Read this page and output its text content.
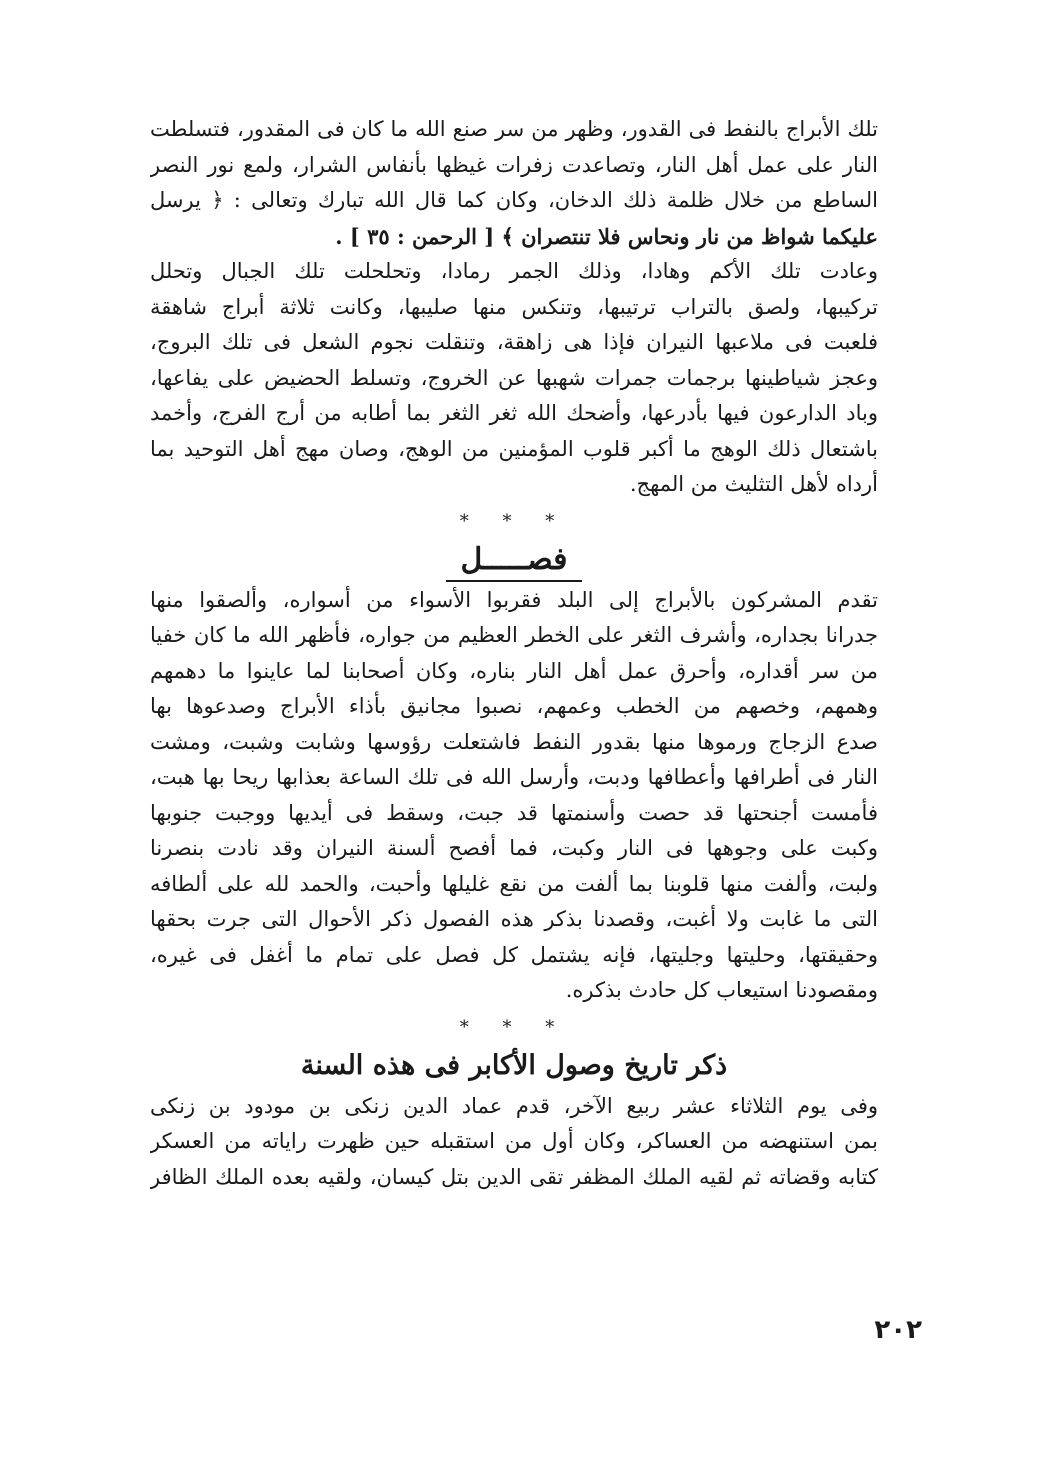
تلك الأبراج بالنفط فى القدور، وظهر من سر صنع الله ما كان فى المقدور، فتسلطت
النار على عمل أهل النار، وتصاعدت زفرات غيظها بأنفاس الشرار، ولمع نور النصر
الساطع من خلال ظلمة ذلك الدخان، وكان كما قال الله تبارك وتعالى : ﴿ يرسل
عليكما شواظ من نار ونحاس فلا تنتصران ﴾ [ الرحمن : ٣٥ ] .
وعادت تلك الأكم وهادا، وذلك الجمر رمادا، وتحلحلت تلك الجبال وتحلل
تركيبها، ولصق بالتراب ترتيبها، وتنكس منها صليبها، وكانت ثلاثة أبراج شاهقة
فلعبت فى ملاعبها النيران فإذا هى زاهقة، وتنقلت نجوم الشعل فى تلك البروج،
وعجز شياطينها برجمات جمرات شهبها عن الخروج، وتسلط الحضيض على يفاعها،
وباد الدارعون فيها بأدرعها، وأضحك الله ثغر الثغر بما أطابه من أرج الفرج، وأخمد
باشتعال ذلك الوهج ما أكبر قلوب المؤمنين من الوهج، وصان مهج أهل التوحيد بما
أرداه لأهل التثليث من المهج.
* * *
فصـــــل
تقدم المشركون بالأبراج إلى البلد فقربوا الأسواء من أسواره، وألصقوا منها
جدرانا بجداره، وأشرف الثغر على الخطر العظيم من جواره، فأظهر الله ما كان خفيا
من سر أقداره، وأحرق عمل أهل النار بناره، وكان أصحابنا لما عاينوا ما دهمهم
وهمهم، وخصهم من الخطب وعمهم، نصبوا مجانيق بأذاء الأبراج وصدعوها بها
صدع الزجاج ورموها منها بقدور النفط فاشتعلت رؤوسها وشابت وشبت، ومشت
النار فى أطرافها وأعطافها ودبت، وأرسل الله فى تلك الساعة بعذابها ريحا بها هبت،
فأمست أجنحتها قد حصت وأسنمتها قد جبت، وسقط فى أيديها ووجبت جنوبها
وكبت على وجوهها فى النار وكبت، فما أفصح ألسنة النيران وقد نادت بنصرنا
ولبت، وألفت منها قلوبنا بما ألفت من نقع غليلها وأحبت، والحمد لله على ألطافه
التى ما غابت ولا أغبت، وقصدنا بذكر هذه الفصول ذكر الأحوال التى جرت بحقها
وحقيقتها، وحليتها وجليتها، فإنه يشتمل كل فصل على تمام ما أغفل فى غيره،
ومقصودنا استيعاب كل حادث بذكره.
* * *
ذكر تاريخ وصول الأكابر فى هذه السنة
وفى يوم الثلاثاء عشر ربيع الآخر، قدم عماد الدين زنكى بن مودود بن زنكى
بمن استنهضه من العساكر، وكان أول من استقبله حين ظهرت راياته من العسكر
كتابه وقضاته ثم لقيه الملك المظفر تقى الدين بتل كيسان، ولقيه بعده الملك الظافر
٢٠٢
